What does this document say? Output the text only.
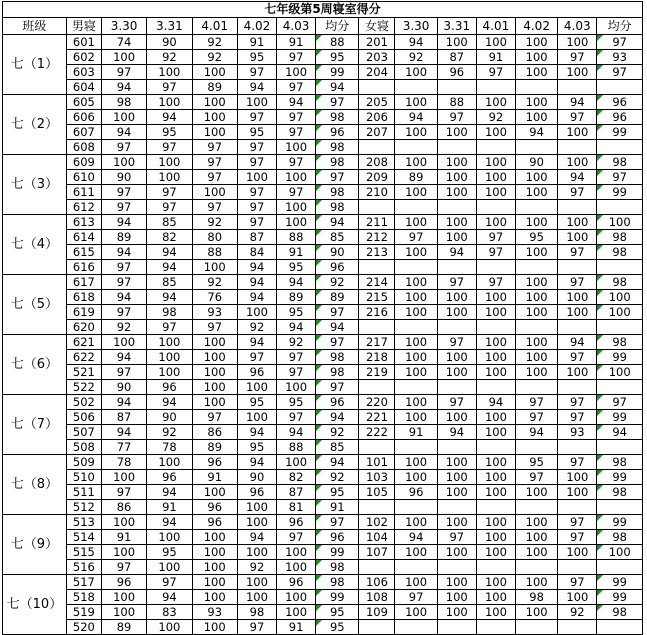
七年级第5周寝室得分														
班级	男寝	3.30	3.31	4.01	4.02	4.03	均分	女寝	3.30	3.31	4.01	4.02	4.03	均分
七（1）	601	74	90	92	91	91	88	201	94	100	100	100	100	97
	602	100	92	92	95	97	95	203	92	87	91	100	97	93
	603	97	100	100	97	100	99	204	100	96	97	100	100	97
	604	94	97	89	94	97	94							
七（2）	605	98	100	100	100	94	97	205	100	88	100	100	94	96
	606	100	94	100	97	97	98	206	94	97	92	100	97	96
	607	94	95	100	95	97	96	207	100	100	100	94	100	99
	608	97	97	97	97	100	98							
七（3）	609	100	100	97	97	97	98	208	100	100	100	90	100	98
	610	90	100	97	100	100	97	209	89	100	100	100	94	97
	611	97	97	100	97	97	98	210	100	100	100	100	97	99
	612	97	97	97	97	100	98							
七（4）	613	94	85	92	97	100	94	211	100	100	100	100	100	100
	614	89	82	80	87	88	85	212	97	100	97	95	100	98
	615	94	94	88	84	91	90	213	100	94	97	100	97	98
	616	97	94	100	94	95	96							
七（5）	617	97	85	92	94	94	92	214	100	97	97	100	97	98
	618	94	94	76	94	89	89	215	100	100	100	100	100	100
	619	97	98	93	100	95	97	216	100	100	100	100	100	100
	620	92	97	97	92	94	94							
七（6）	621	100	100	100	94	92	97	217	100	97	100	100	94	98
	622	94	100	100	97	97	98	218	100	100	100	100	97	99
	521	97	100	100	96	97	98	219	100	100	100	100	100	100
	522	90	96	100	100	100	97							
七（7）	502	94	94	100	95	95	96	220	100	97	94	97	97	97
	506	87	90	97	100	97	94	221	100	100	100	97	97	99
	507	94	92	86	94	94	92	222	91	94	100	94	93	94
	508	77	78	89	95	88	85							
七（8）	509	78	100	96	94	100	94	101	100	100	100	95	97	98
	510	100	96	91	90	82	92	103	100	100	100	97	100	99
	511	97	94	100	96	87	95	105	96	100	100	100	100	98
	512	86	91	96	100	81	91							
七（9）	513	100	94	96	100	96	97	102	100	100	100	100	97	99
	514	91	100	100	94	97	96	104	94	97	100	100	97	98
	515	100	95	100	100	100	99	107	100	100	100	100	100	100
	516	97	100	100	92	100	98							
七（10）	517	96	97	100	100	96	98	106	100	100	100	100	97	99
	518	100	94	100	100	100	99	108	97	100	100	98	100	99
	519	100	83	93	98	100	95	109	100	100	100	100	92	98
	520	89	100	100	97	91	95							
